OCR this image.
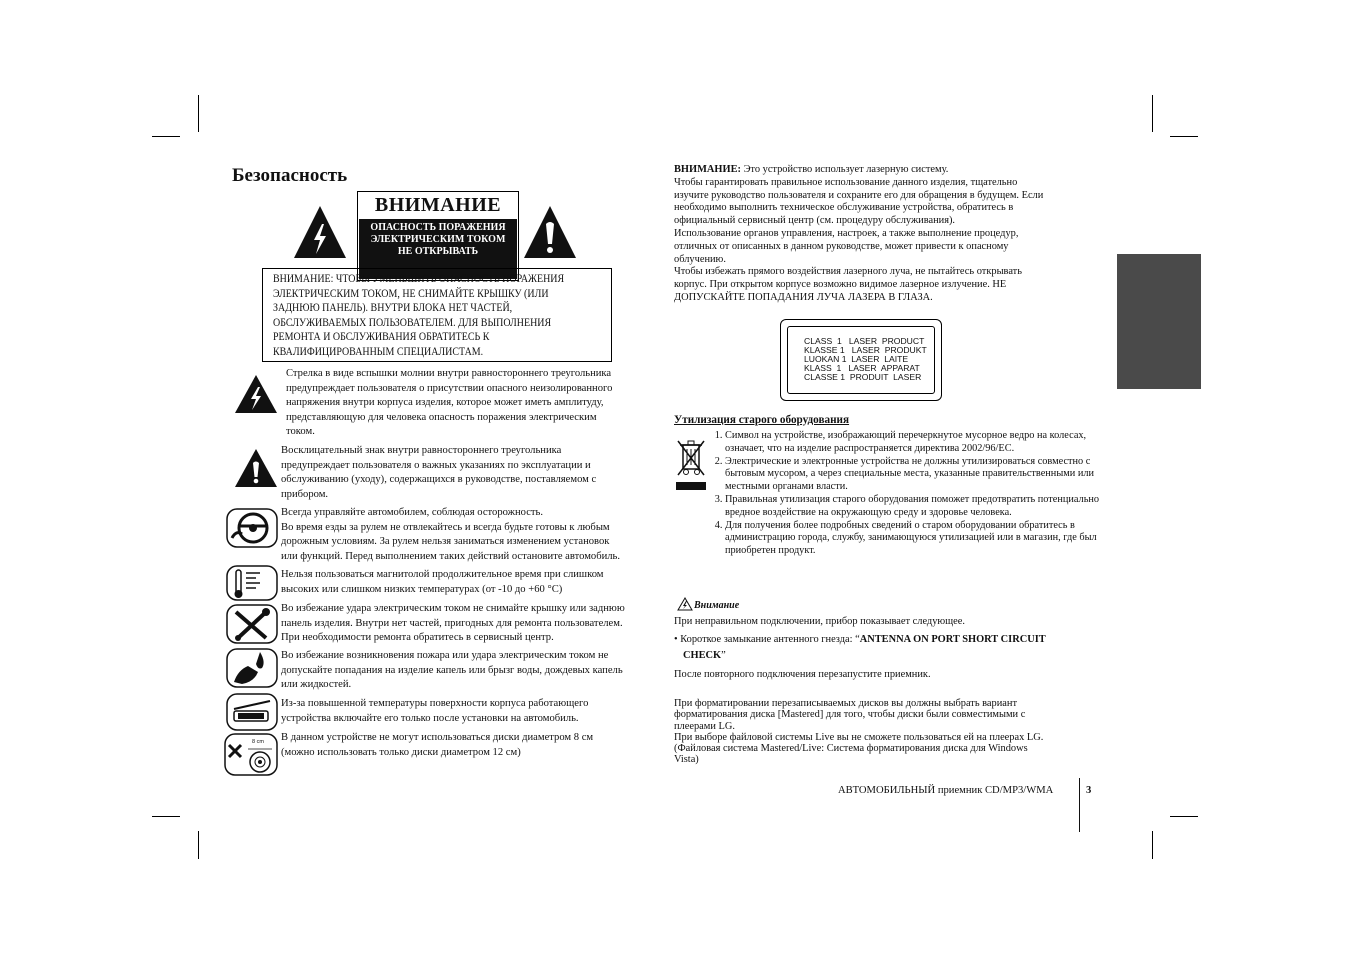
Безопасность
ВНИМАНИЕ
ОПАСНОСТЬ ПОРАЖЕНИЯ
ЭЛЕКТРИЧЕСКИМ ТОКОМ
НЕ ОТКРЫВАТЬ
ВНИМАНИЕ: ЧТОБЫ УМЕНЬШИТЬ ОПАСНОСТЬ ПОРАЖЕНИЯ
ЭЛЕКТРИЧЕСКИМ ТОКОМ, НЕ СНИМАЙТЕ КРЫШКУ (ИЛИ
ЗАДНЮЮ ПАНЕЛЬ). ВНУТРИ БЛОКА НЕТ ЧАСТЕЙ,
ОБСЛУЖИВАЕМЫХ ПОЛЬЗОВАТЕЛЕМ. ДЛЯ ВЫПОЛНЕНИЯ
РЕМОНТА И ОБСЛУЖИВАНИЯ ОБРАТИТЕСЬ К
КВАЛИФИЦИРОВАННЫМ СПЕЦИАЛИСТАМ.
8 cm
Стрелка в виде вспышки молнии внутри равностороннего треугольника
предупреждает пользователя о присутствии опасного неизолированного
напряжения внутри корпуса изделия, которое может иметь амплитуду,
представляющую для человека опасность поражения электрическим
током.
Восклицательный знак внутри равностороннего треугольника
предупреждает пользователя о важных указаниях по эксплуатации и
обслуживанию (уходу), содержащихся в руководстве, поставляемом с
прибором.
Всегда управляйте автомобилем, соблюдая осторожность.
Во время езды за рулем не отвлекайтесь и всегда будьте готовы к любым
дорожным условиям. За рулем нельзя заниматься изменением установок
или функций. Перед выполнением таких действий остановите автомобиль.
Нельзя пользоваться магнитолой продолжительное время при слишком
высоких или слишком низких температурах (от -10 до +60 °C)
Во избежание удара электрическим током не снимайте крышку или заднюю
панель изделия. Внутри нет частей, пригодных для ремонта пользователем.
При необходимости ремонта обратитесь в сервисный центр.
Во избежание возникновения пожара или удара электрическим током не
допускайте попадания на изделие капель или брызг воды, дождевых капель
или жидкостей.
Из-за повышенной температуры поверхности корпуса работающего
устройства включайте его только после установки на автомобиль.
В данном устройстве не могут использоваться диски диаметром 8 см
(можно использовать только диски диаметром 12 см)
ВНИМАНИЕ: Это устройство использует лазерную систему.
Чтобы гарантировать правильное использование данного изделия, тщательно
изучите руководство пользователя и сохраните его для обращения в будущем. Если
необходимо выполнить техническое обслуживание устройства, обратитесь в
официальный сервисный центр (см. процедуру обслуживания).
Использование органов управления, настроек, а также выполнение процедур,
отличных от описанных в данном руководстве, может привести к опасному
облучению.
Чтобы избежать прямого воздействия лазерного луча, не пытайтесь открывать
корпус. При открытом корпусе возможно видимое лазерное излучение. НЕ
ДОПУСКАЙТЕ ПОПАДАНИЯ ЛУЧА ЛАЗЕРА В ГЛАЗА.
CLASS  1   LASER  PRODUCT
KLASSE 1   LASER  PRODUKT
LUOKAN 1  LASER  LAITE
KLASS  1   LASER  APPARAT
CLASSE 1  PRODUIT  LASER
Утилизация старого оборудования
1. Символ на устройстве, изображающий перечеркнутое мусорное ведро на колесах, означает, что на изделие распространяется директива 2002/96/EC.
2. Электрические и электронные устройства не должны утилизироваться совместно с бытовым мусором, а через специальные места, указанные правительственными или местными органами власти.
3. Правильная утилизация старого оборудования поможет предотвратить потенциально вредное воздействие на окружающую среду и здоровье человека.
4. Для получения более подробных сведений о старом оборудовании обратитесь в администрацию города, службу, занимающуюся утилизацией или в магазин, где был приобретен продукт.
Внимание
При неправильном подключении, прибор показывает следующее.
• Короткое замыкание антенного гнезда: “ANTENNA ON PORT SHORT CIRCUIT
CHECK”
После повторного подключения перезапустите приемник.
При форматировании перезаписываемых дисков вы должны выбрать вариант
форматирования диска [Mastered] для того, чтобы диски были совместимыми с
плеерами LG.
При выборе файловой системы Live вы не сможете пользоваться ей на плеерах LG.
(Файловая система Mastered/Live: Система форматирования диска для Windows
Vista)
АВТОМОБИЛЬНЫЙ приемник CD/MP3/WMA	3
